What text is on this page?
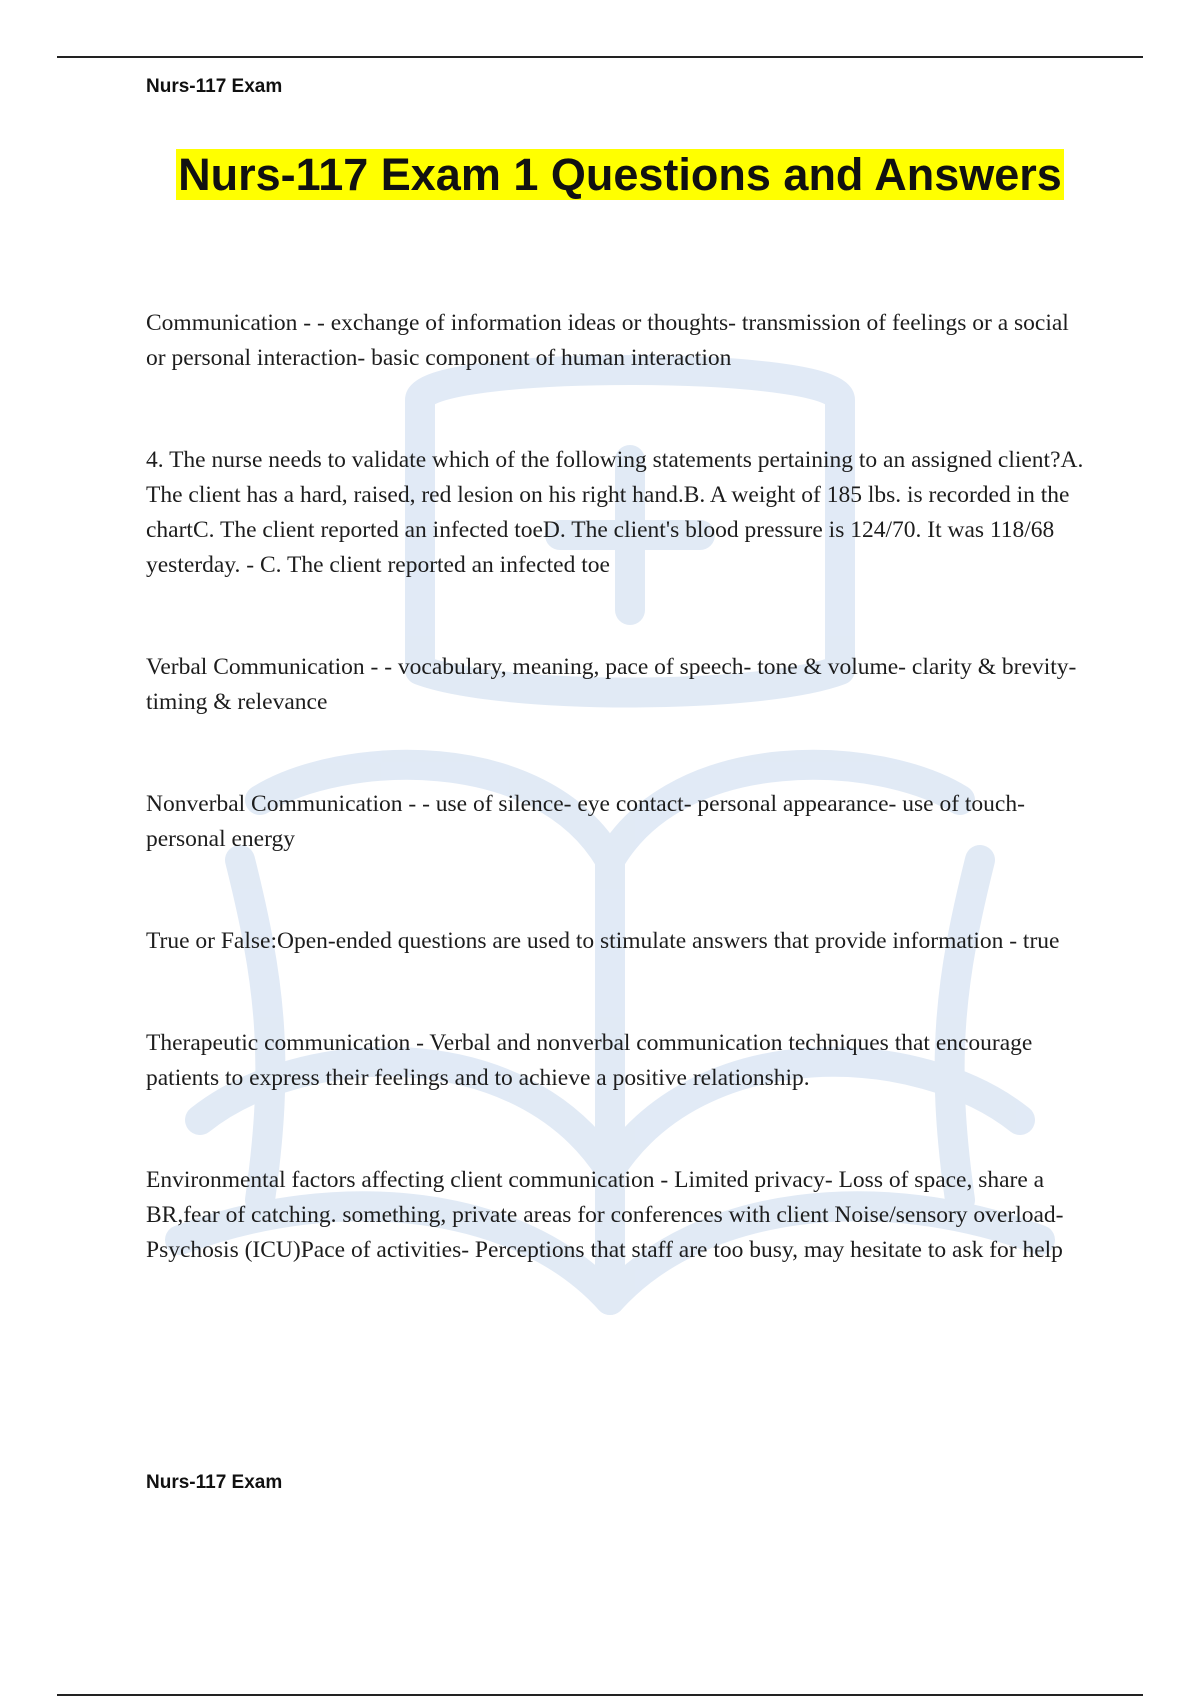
Nurs-117 Exam
Nurs-117 Exam 1 Questions and Answers

Communication - - exchange of information ideas or thoughts- transmission of feelings or a social or personal interaction- basic component of human interaction

4. The nurse needs to validate which of the following statements pertaining to an assigned client?A. The client has a hard, raised, red lesion on his right hand.B. A weight of 185 lbs. is recorded in the chartC. The client reported an infected toeD. The client's blood pressure is 124/70. It was 118/68 yesterday. - C. The client reported an infected toe

Verbal Communication - - vocabulary, meaning, pace of speech- tone & volume- clarity & brevity- timing & relevance

Nonverbal Communication - - use of silence- eye contact- personal appearance- use of touch- personal energy

True or False:Open-ended questions are used to stimulate answers that provide information - true

Therapeutic communication - Verbal and nonverbal communication techniques that encourage patients to express their feelings and to achieve a positive relationship.

Environmental factors affecting client communication - Limited privacy- Loss of space, share a BR,fear of catching. something, private areas for conferences with client Noise/sensory overload- Psychosis (ICU)Pace of activities- Perceptions that staff are too busy, may hesitate to ask for help

Nurs-117 Exam
